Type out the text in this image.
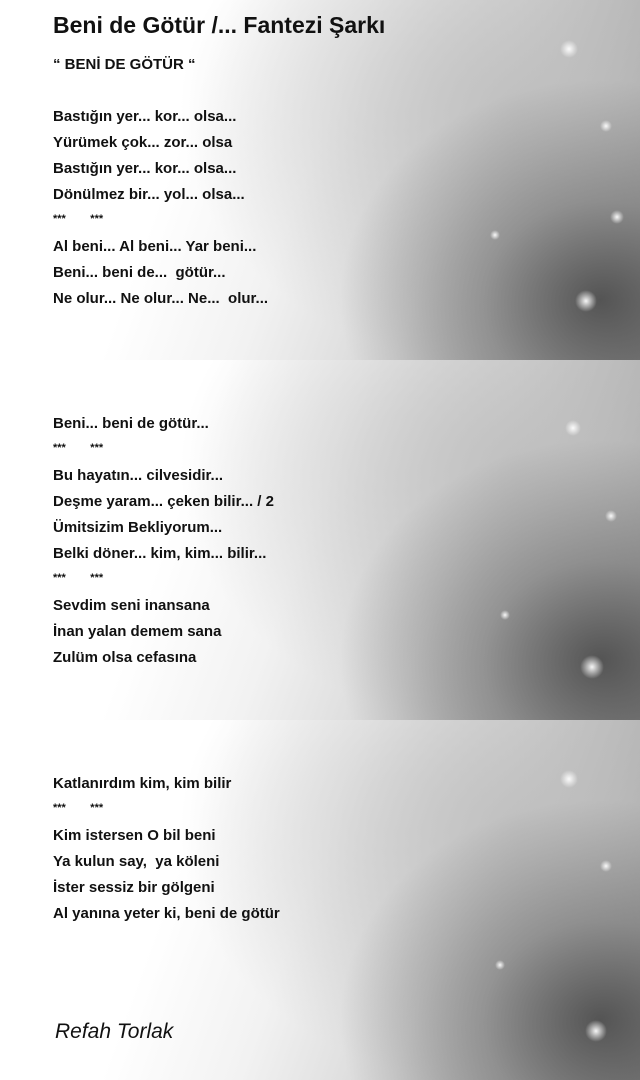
Beni de Götür /... Fantezi Şarkı
“ BENİ DE GÖTÜR “
Bastığın yer... kor... olsa...
Yürümek çok... zor... olsa
Bastığın yer... kor... olsa...
Dönülmez bir... yol... olsa...
***        ***
Al beni... Al beni... Yar beni...
Beni... beni de...  götür...
Ne olur... Ne olur... Ne...  olur...
Beni... beni de götür...
***        ***
Bu hayatın... cilvesidir...
Deşme yaram... çeken bilir... / 2
Ümitsizim Bekliyorum...
Belki döner... kim, kim... bilir...
***        ***
Sevdim seni inansana
İnan yalan demem sana
Zulüm olsa cefasına
Katlanırdım kim, kim bilir
***        ***
Kim istersen O bil beni
Ya kulun say,  ya köleni
İster sessiz bir gölgeni
Al yanına yeter ki, beni de götür
Refah Torlak
